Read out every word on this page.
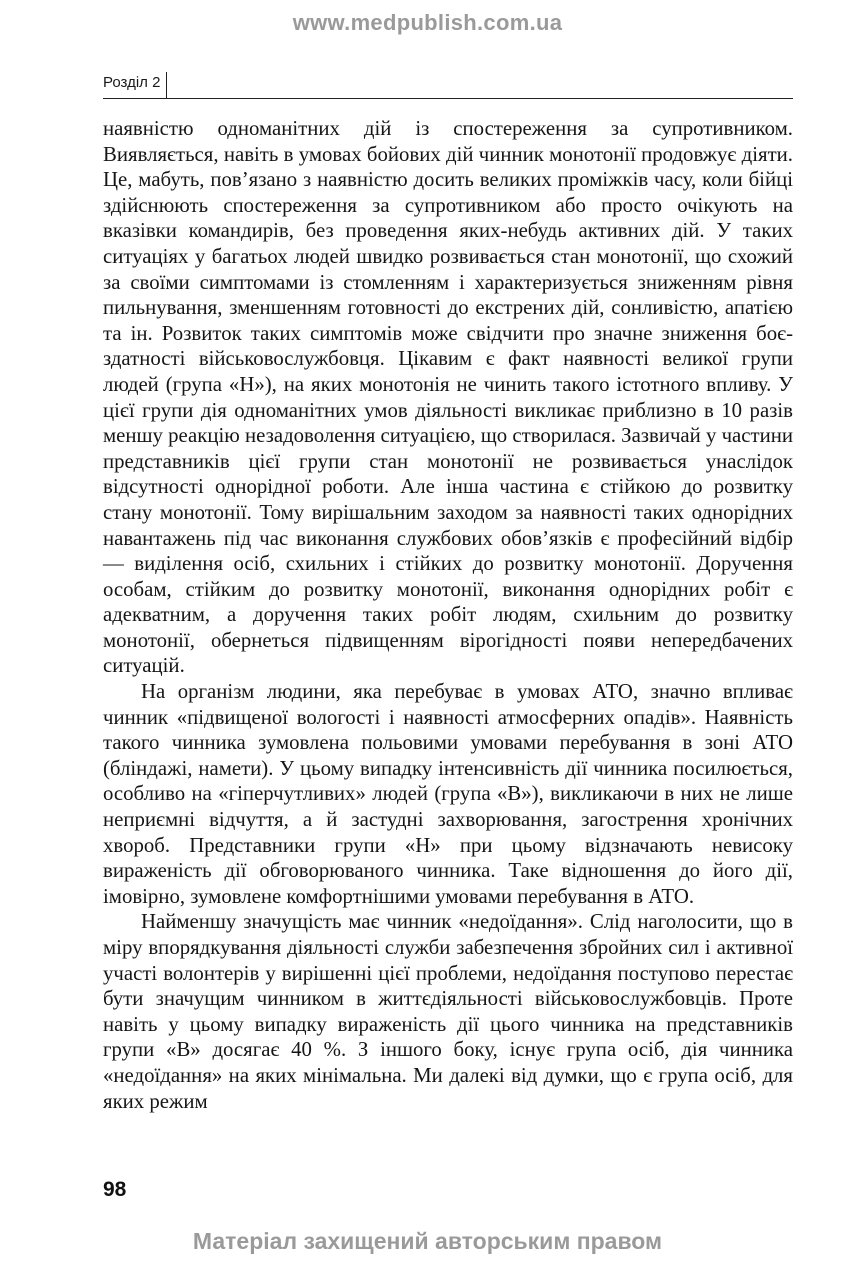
www.medpublish.com.ua
Розділ 2

наявністю одноманітних дій із спостереження за супротивником. Виявляється, навіть в умовах бойових дій чинник монотонії продовжує діяти. Це, мабуть, пов’язано з наявністю досить великих проміжків часу, коли бійці здійснюють спостереження за супротивником або просто очікують на вказівки командирів, без проведення яких-небудь активних дій. У таких ситуаціях у багатьох людей швидко розвивається стан монотонії, що схожий за своїми симптомами із стомленням і характеризується зниженням рівня пильнування, зменшенням готовності до екстрених дій, сонливістю, апатією та ін. Розвиток таких симптомів може свідчити про значне зниження боєздатності військовослужбовця. Цікавим є факт наявності великої групи людей (група «Н»), на яких монотонія не чинить такого істотного впливу. У цієї групи дія одноманітних умов діяльності викликає приблизно в 10 разів меншу реакцію незадоволення ситуацією, що створилася. Зазвичай у частини представників цієї групи стан монотонії не розвивається унаслідок відсутності однорідної роботи. Але інша частина є стійкою до розвитку стану монотонії. Тому вирішальним заходом за наявності таких однорідних навантажень під час виконання службових обов’язків є професійний відбір — виділення осіб, схильних і стійких до розвитку монотонії. Доручення особам, стійким до розвитку монотонії, виконання однорідних робіт є адекватним, а доручення таких робіт людям, схильним до розвитку монотонії, обернеться підвищенням вірогідності появи непередбачених ситуацій.

На організм людини, яка перебуває в умовах АТО, значно впливає чинник «підвищеної вологості і наявності атмосферних опадів». Наявність такого чинника зумовлена польовими умовами перебування в зоні АТО (бліндажі, намети). У цьому випадку інтенсивність дії чинника посилюється, особливо на «гіперчутливих» людей (група «В»), викликаючи в них не лише неприємні відчуття, а й застудні захворювання, загострення хронічних хвороб. Представники групи «Н» при цьому відзначають невисоку вираженість дії обговорюваного чинника. Таке відношення до його дії, імовірно, зумовлене комфортнішими умовами перебування в АТО.

Найменшу значущість має чинник «недоїдання». Слід наголосити, що в міру впорядкування діяльності служби забезпечення збройних сил і активної участі волонтерів у вирішенні цієї проблеми, недоїдання поступово перестає бути значущим чинником в життєдіяльності військовослужбовців. Проте навіть у цьому випадку вираженість дії цього чинника на представників групи «В» досягає 40 %. З іншого боку, існує група осіб, дія чинника «недоїдання» на яких мінімальна. Ми далекі від думки, що є група осіб, для яких режим

98
Матеріал захищений авторським правом
